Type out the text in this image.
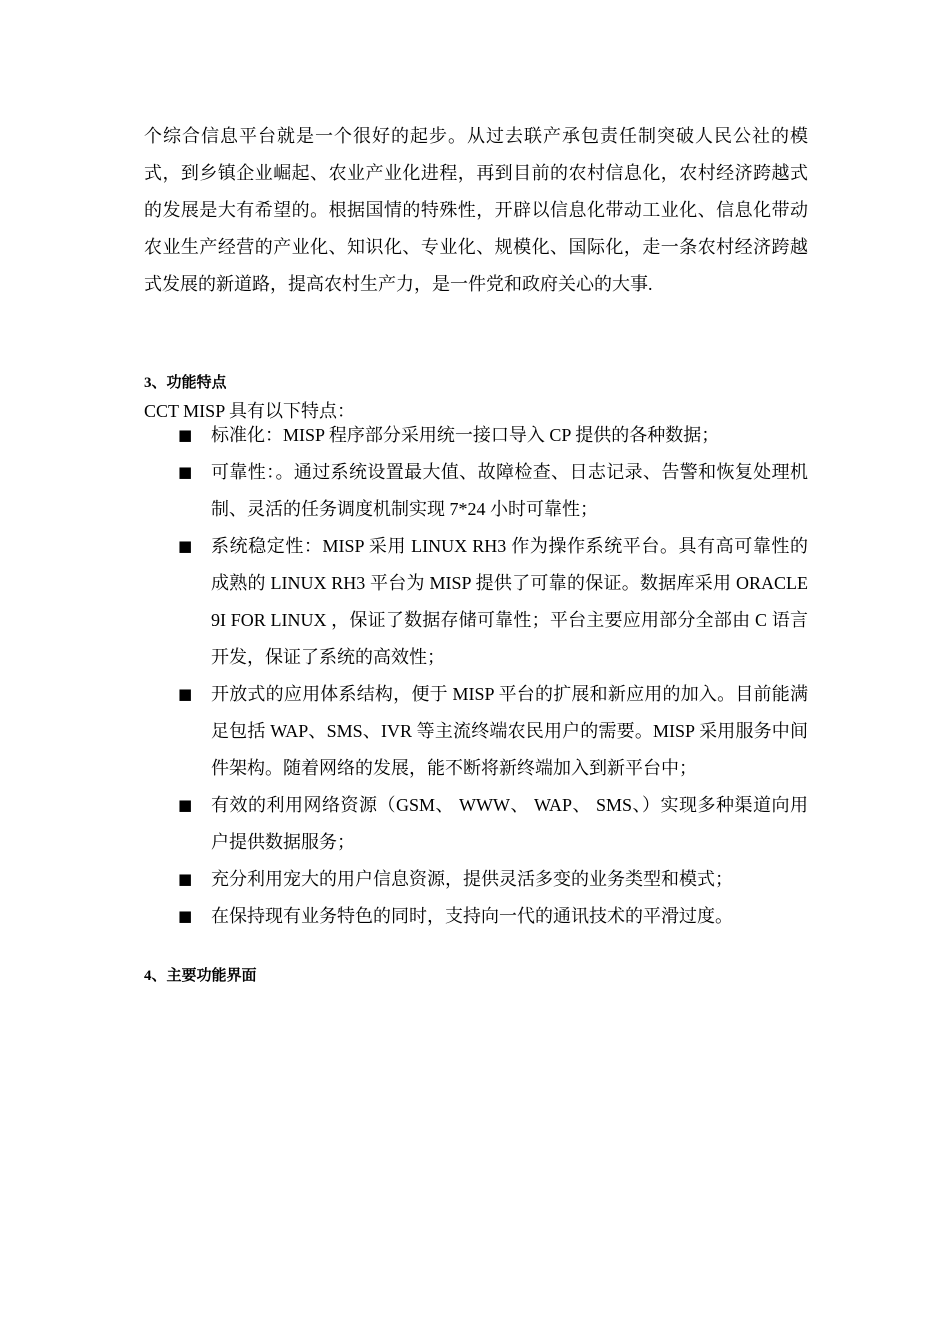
个综合信息平台就是一个很好的起步。从过去联产承包责任制突破人民公社的模式，到乡镇企业崛起、农业产业化进程，再到目前的农村信息化，农村经济跨越式的发展是大有希望的。根据国情的特殊性，开辟以信息化带动工业化、信息化带动农业生产经营的产业化、知识化、专业化、规模化、国际化，走一条农村经济跨越式发展的新道路，提高农村生产力，是一件党和政府关心的大事.

3、功能特点

CCT MISP 具有以下特点：

■ 标准化：MISP 程序部分采用统一接口导入 CP 提供的各种数据；
■ 可靠性：。通过系统设置最大值、故障检查、日志记录、告警和恢复处理机制、灵活的任务调度机制实现 7*24 小时可靠性；
■ 系统稳定性：MISP 采用 LINUX RH3 作为操作系统平台。具有高可靠性的成熟的 LINUX RH3 平台为 MISP 提供了可靠的保证。数据库采用 ORACLE 9I FOR LINUX ，保证了数据存储可靠性；平台主要应用部分全部由 C 语言开发，保证了系统的高效性；
■ 开放式的应用体系结构，便于 MISP 平台的扩展和新应用的加入。目前能满足包括 WAP、SMS、IVR 等主流终端农民用户的需要。MISP 采用服务中间件架构。随着网络的发展，能不断将新终端加入到新平台中；
■ 有效的利用网络资源（GSM、 WWW、 WAP、 SMS、）实现多种渠道向用户提供数据服务；
■ 充分利用宠大的用户信息资源，提供灵活多变的业务类型和模式；
■ 在保持现有业务特色的同时，支持向一代的通讯技术的平滑过度。
4、主要功能界面
